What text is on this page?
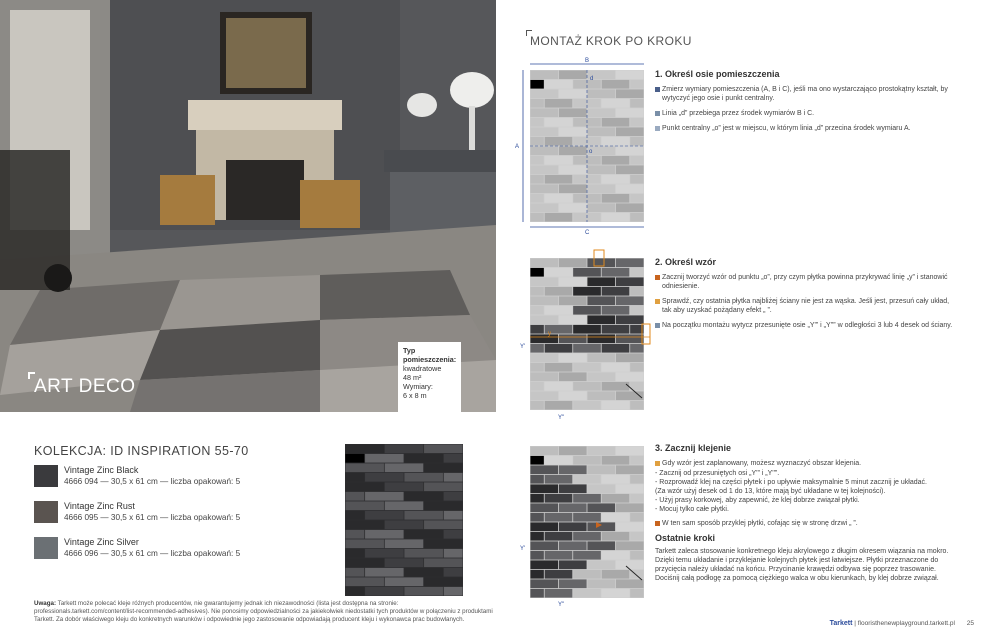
ART DECO
Typ pomieszczenia:
kwadratowe
48 m²
Wymiary:
6 x 8 m
KOLEKCJA: ID INSPIRATION 55-70
Vintage Zinc Black
4666 094 — 30,5 x 61 cm — liczba opakowań: 5
Vintage Zinc Rust
4666 095 — 30,5 x 61 cm — liczba opakowań: 5
Vintage Zinc Silver
4666 096 — 30,5 x 61 cm — liczba opakowań: 5
Uwaga: Tarkett może polecać kleje różnych producentów, nie gwarantujemy jednak ich niezawodności (lista jest dostępna na stronie: professionals.tarkett.com/content/list-recommended-adhesives). Nie ponosimy odpowiedzialności za jakiekolwiek niedostatki tych produktów w połączeniu z produktami Tarkett. Za dobór właściwego kleju do konkretnych warunków i odpowiednie jego zastosowanie odpowiadają producent kleju i wykonawca prac budowlanych.
MONTAŻ KROK PO KROKU
B
C
A
d
o
y
Y'
Y''
Y'
Y''
1. Określ osie pomieszczenia

Zmierz wymiary pomieszczenia (A, B i C), jeśli ma ono wystarczająco prostokątny kształt, by wytyczyć jego osie i punkt centralny.

Linia „d” przebiega przez środek wymiarów B i C.

Punkt centralny „o” jest w miejscu, w którym linia „d” przecina środek wymiaru A.

2. Określ wzór

Zacznij tworzyć wzór od punktu „o”, przy czym płytka powinna przykrywać linię „y” i stanowić odniesienie.

Sprawdź, czy ostatnia płytka najbliżej ściany nie jest za wąska. Jeśli jest, przesuń cały układ, tak aby uzyskać pożądany efekt „ ”.

Na początku montażu wytycz przesunięte osie „Y'” i „Y''” w odległości 3 lub 4 desek od ściany.

3. Zacznij klejenie

Gdy wzór jest zaplanowany, możesz wyznaczyć obszar klejenia.

- Zacznij od przesuniętych osi „Y'” i „Y''”.
- Rozprowadź klej na części płytek i po upływie maksymalnie 5 minut zacznij je układać.
(Za wzór użyj desek od 1 do 13, które mają być układane w tej kolejności).
- Użyj prasy korkowej, aby zapewnić, że klej dobrze związał płytki.
- Mocuj tylko całe płytki.

W ten sam sposób przyklej płytki, cofając się w stronę drzwi „ ”.

Ostatnie kroki
Tarkett zaleca stosowanie konkretnego kleju akrylowego z długim okresem wiązania na mokro. Dzięki temu układanie i przyklejanie kolejnych płytek jest łatwiejsze. Płytki przeznaczone do przycięcia należy układać na końcu. Przycinanie krawędzi odbywa się poprzez trasowanie. Dociśnij całą podłogę za pomocą ciężkiego walca w obu kierunkach, by klej dobrze związał.
Tarkett | flooristhenewplayground.tarkett.pl 25
